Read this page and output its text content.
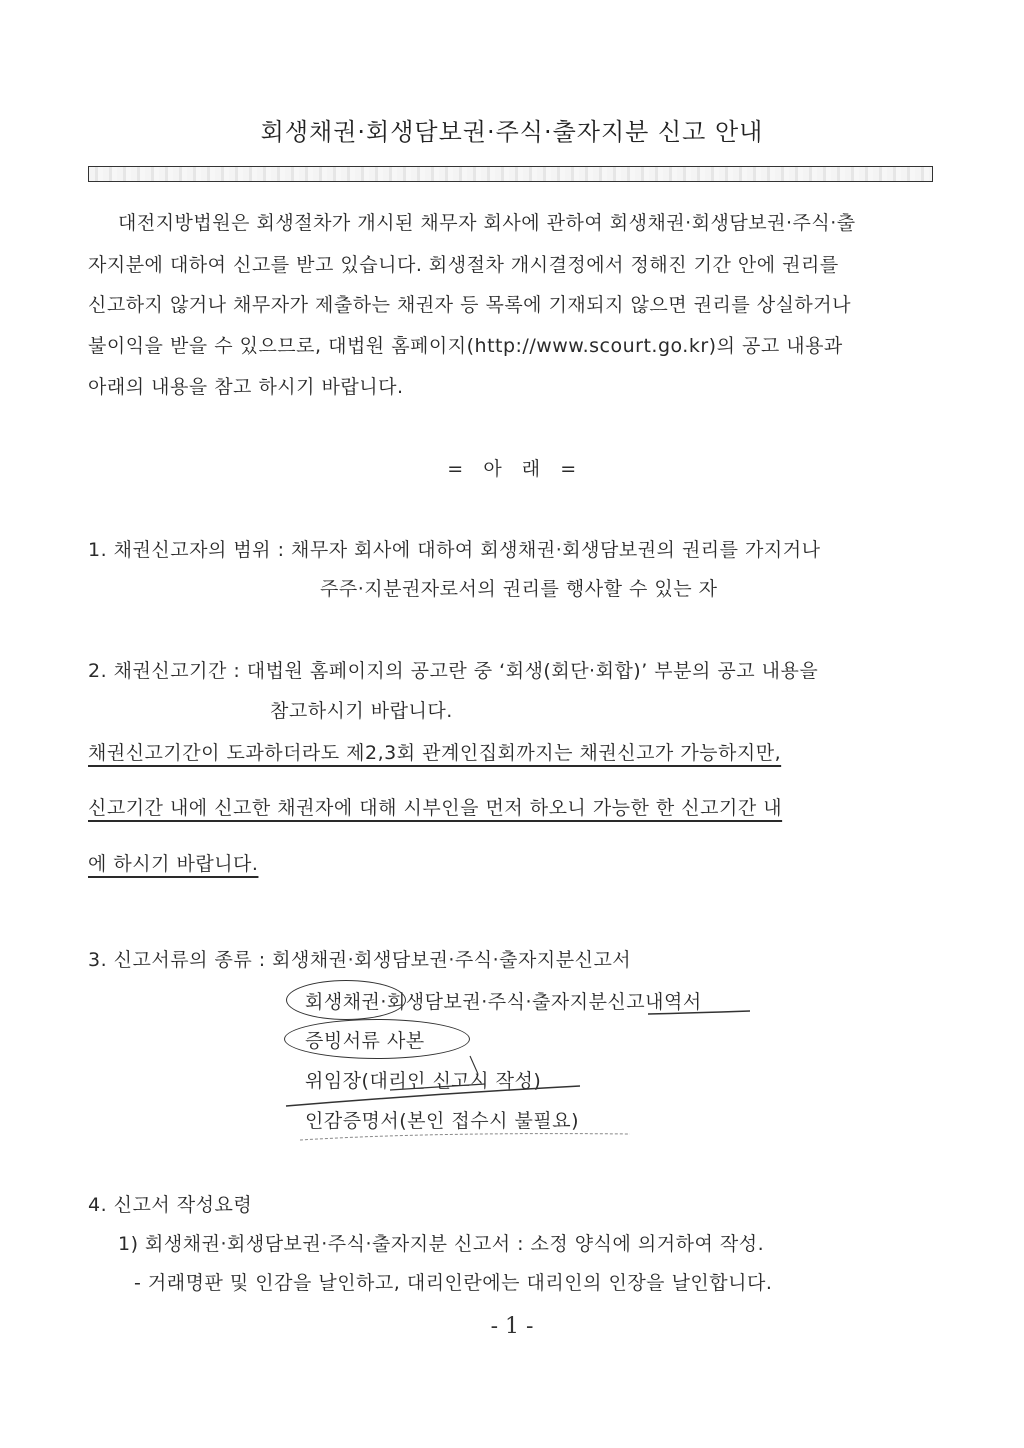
회생채권·회생담보권·주식·출자지분 신고 안내
대전지방법원은 회생절차가 개시된 채무자 회사에 관하여 회생채권·회생담보권·주식·출
자지분에 대하여 신고를 받고 있습니다. 회생절차 개시결정에서 정해진 기간 안에 권리를
신고하지 않거나 채무자가 제출하는 채권자 등 목록에 기재되지 않으면 권리를 상실하거나
불이익을 받을 수 있으므로, 대법원 홈페이지(http://www.scourt.go.kr)의 공고 내용과
아래의 내용을 참고 하시기 바랍니다.
=   아   래   =
1. 채권신고자의 범위 : 채무자 회사에 대하여 회생채권·회생담보권의 권리를 가지거나
주주·지분권자로서의 권리를 행사할 수 있는 자
2. 채권신고기간 : 대법원 홈페이지의 공고란 중 ‘회생(회단·회합)’ 부분의 공고 내용을
참고하시기 바랍니다.
채권신고기간이 도과하더라도 제2,3회 관계인집회까지는 채권신고가 가능하지만,
신고기간 내에 신고한 채권자에 대해 시부인을 먼저 하오니 가능한 한 신고기간 내
에 하시기 바랍니다.
3. 신고서류의 종류 : 회생채권·회생담보권·주식·출자지분신고서
회생채권·회생담보권·주식·출자지분신고내역서
증빙서류 사본
위임장(대리인 신고시 작성)
인감증명서(본인 접수시 불필요)
4. 신고서 작성요령
1) 회생채권·회생담보권·주식·출자지분 신고서 : 소정 양식에 의거하여 작성.
- 거래명판 및 인감을 날인하고, 대리인란에는 대리인의 인장을 날인합니다.
- 1 -
